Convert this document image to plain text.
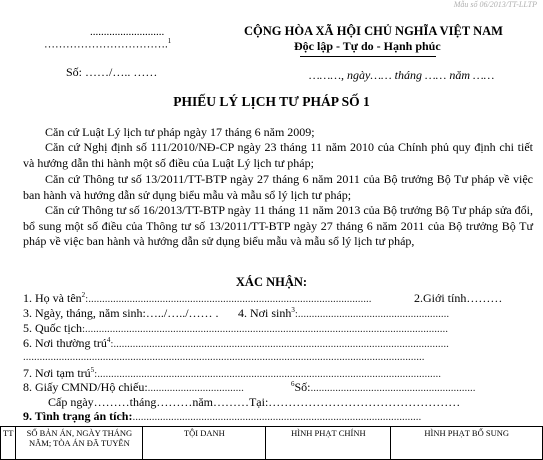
Mẫu số 06/2013/TT-LLTP
...........................
…………………………….$^1$
Số: ……/….. ……
CỘNG HÒA XÃ HỘI CHỦ NGHĨA VIỆT NAM
Độc lập - Tự do - Hạnh phúc
………, ngày…… tháng …… năm ……
PHIẾU LÝ LỊCH TƯ PHÁP SỐ 1
Căn cứ Luật Lý lịch tư pháp ngày 17 tháng 6 năm 2009;
Căn cứ Nghị định số 111/2010/NĐ-CP ngày 23 tháng 11 năm 2010 của Chính phủ quy định chi tiết và hướng dẫn thi hành một số điều của Luật Lý lịch tư pháp;
Căn cứ Thông tư số 13/2011/TT-BTP ngày 27 tháng 6 năm 2011 của Bộ trưởng Bộ Tư pháp về việc ban hành và hướng dẫn sử dụng biểu mẫu và mẫu sổ lý lịch tư pháp;
Căn cứ Thông tư số 16/2013/TT-BTP ngày 11 tháng 11 năm 2013 của Bộ trưởng Bộ Tư pháp sửa đổi, bổ sung một số điều của Thông tư số 13/2011/TT-BTP ngày 27 tháng 6 năm 2011 của Bộ trưởng Bộ Tư pháp về việc ban hành và hướng dẫn sử dụng biểu mẫu và mẫu sổ lý lịch tư pháp,
XÁC NHẬN:
1. Họ và tên$^2$:.......................................................................................................	2.Giới tính………
3. Ngày, tháng, năm sinh:…../…../…… . 4. Nơi $\sinh^3$:.......................................................
5. Quốc tịch:....................................................................................................................................
6. Nơi thường trú$^4$:..........................................................................................................................
..................................................................................................................................................
7. Nơi tạm trú$^5$:.............................................................................................................................
8. Giấy CMND/Hộ chiếu:...................................	$^6$Số:............................................................
Cấp ngày………tháng………năm………Tại:…………………………………………
9. Tình trạng án tích:.........................................................................................................
TT	SỐ BẢN ÁN, NGÀY THÁNG NĂM; TÒA ÁN ĐÃ TUYÊN	TỘI DANH	HÌNH PHẠT CHÍNH	HÌNH PHẠT BỔ SUNG
